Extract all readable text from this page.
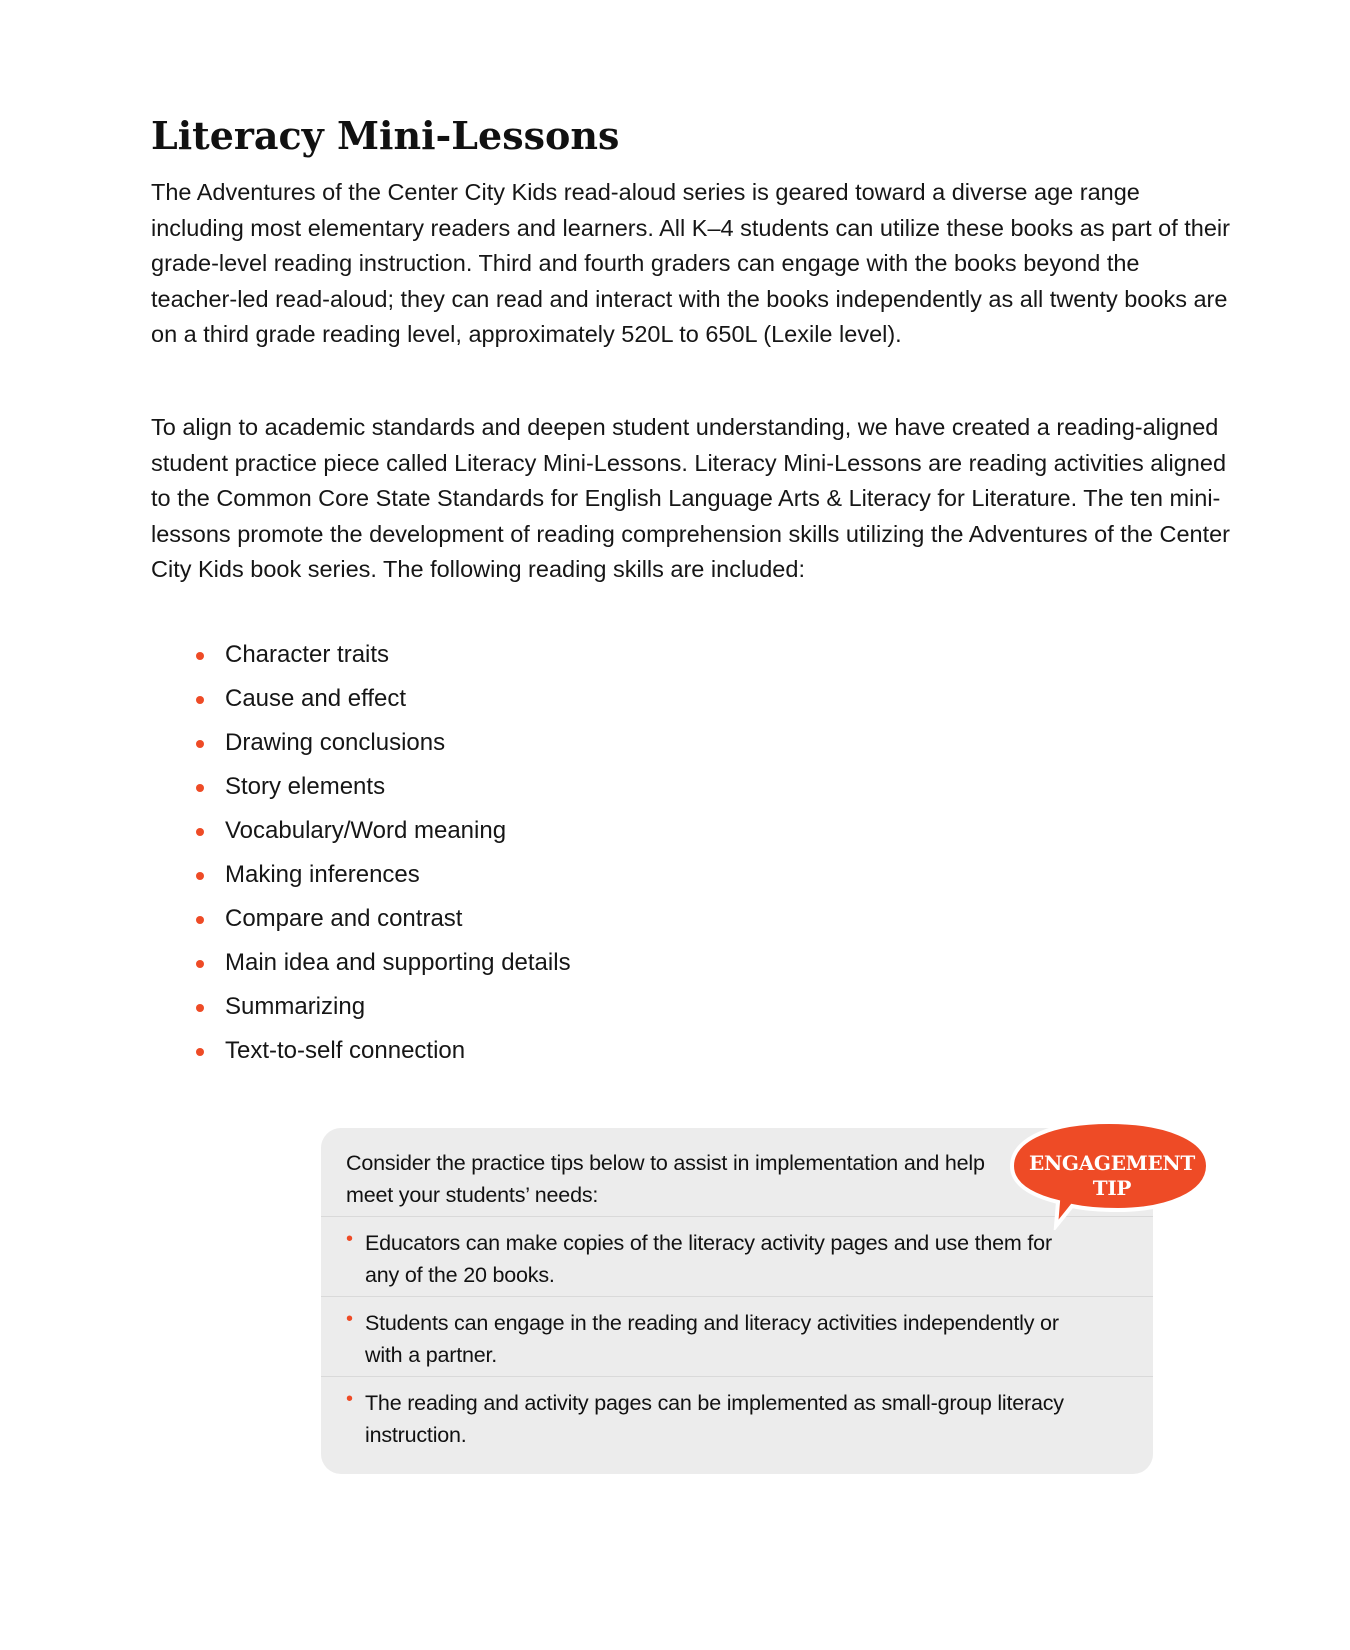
Literacy Mini-Lessons

The Adventures of the Center City Kids read-aloud series is geared toward a diverse age range including most elementary readers and learners. All K–4 students can utilize these books as part of their grade-level reading instruction. Third and fourth graders can engage with the books beyond the teacher-led read-aloud; they can read and interact with the books independently as all twenty books are on a third grade reading level, approximately 520L to 650L (Lexile level).

To align to academic standards and deepen student understanding, we have created a reading-aligned student practice piece called Literacy Mini-Lessons. Literacy Mini-Lessons are reading activities aligned to the Common Core State Standards for English Language Arts & Literacy for Literature. The ten mini-lessons promote the development of reading comprehension skills utilizing the Adventures of the Center City Kids book series. The following reading skills are included:

Character traits
Cause and effect
Drawing conclusions
Story elements
Vocabulary/Word meaning
Making inferences
Compare and contrast
Main idea and supporting details
Summarizing
Text-to-self connection

Consider the practice tips below to assist in implementation and help meet your students’ needs:

• Educators can make copies of the literacy activity pages and use them for any of the 20 books.

• Students can engage in the reading and literacy activities independently or with a partner.

• The reading and activity pages can be implemented as small-group literacy instruction.

ENGAGEMENT
TIP
